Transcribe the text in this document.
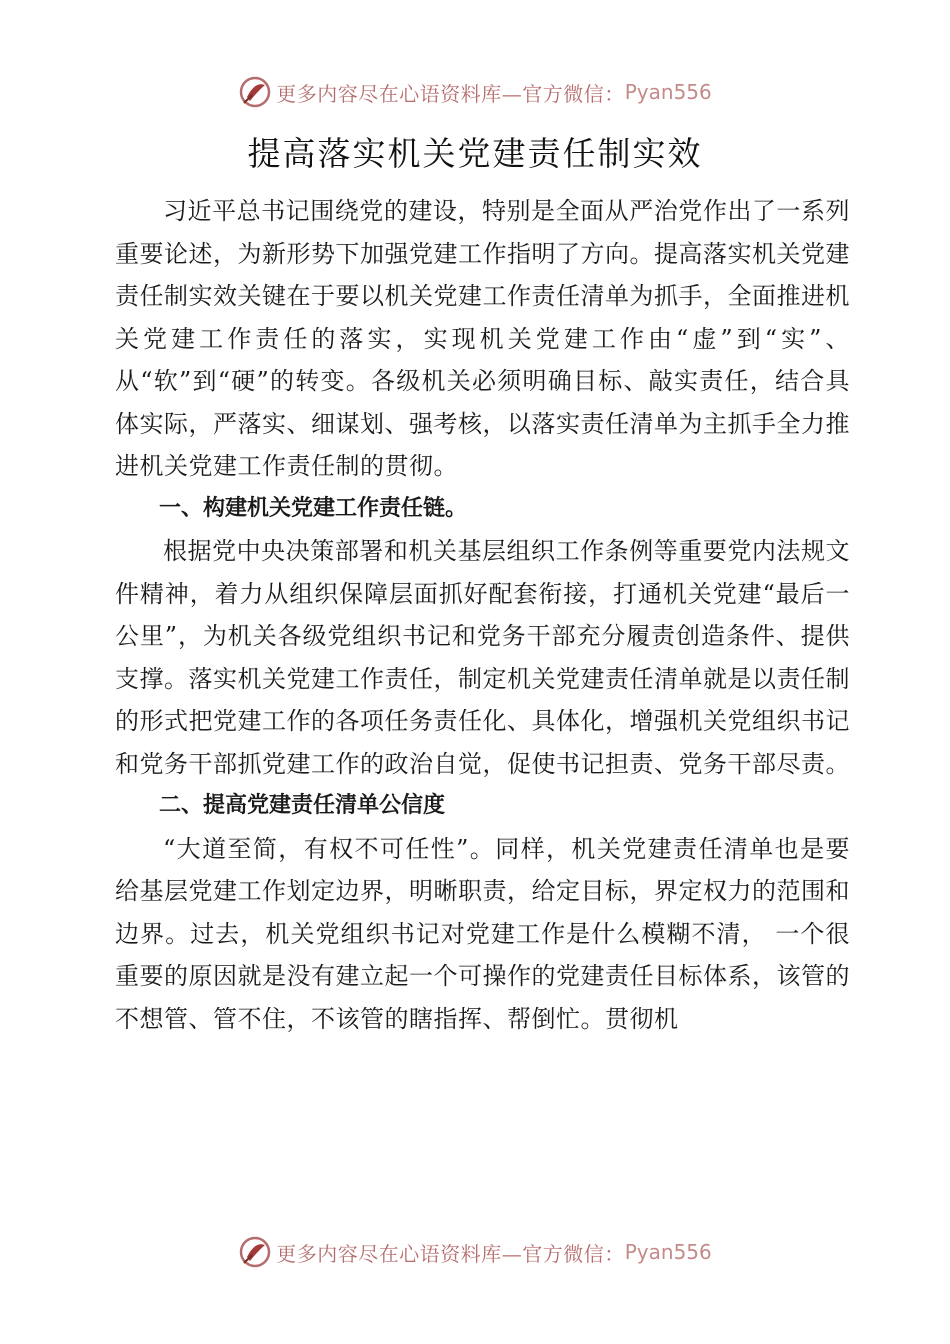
更多内容尽在心语资料库—官方微信： Pyan556
提高落实机关党建责任制实效

习近平总书记围绕党的建设，特别是全面从严治党作出了一系列重要论述，为新形势下加强党建工作指明了方向。提高落实机关党建责任制实效关键在于要以机关党建工作责任清单为抓手，全面推进机关党建工作责任的落实，实现机关党建工作由“虚”到“实”、从“软”到“硬”的转变。各级机关必须明确目标、敲实责任，结合具体实际，严落实、细谋划、强考核，以落实责任清单为主抓手全力推进机关党建工作责任制的贯彻。

一、构建机关党建工作责任链。

根据党中央决策部署和机关基层组织工作条例等重要党内法规文件精神，着力从组织保障层面抓好配套衔接，打通机关党建“最后一公里”，为机关各级党组织书记和党务干部充分履责创造条件、提供支撑。落实机关党建工作责任，制定机关党建责任清单就是以责任制的形式把党建工作的各项任务责任化、具体化，增强机关党组织书记和党务干部抓党建工作的政治自觉，促使书记担责、党务干部尽责。

二、提高党建责任清单公信度

“大道至简，有权不可任性”。同样，机关党建责任清单也是要给基层党建工作划定边界，明晰职责，给定目标，界定权力的范围和边界。过去，机关党组织书记对党建工作是什么模糊不清， 一个很重要的原因就是没有建立起一个可操作的党建责任目标体系，该管的不想管、管不住，不该管的瞎指挥、帮倒忙。贯彻机

更多内容尽在心语资料库—官方微信： Pyan556
